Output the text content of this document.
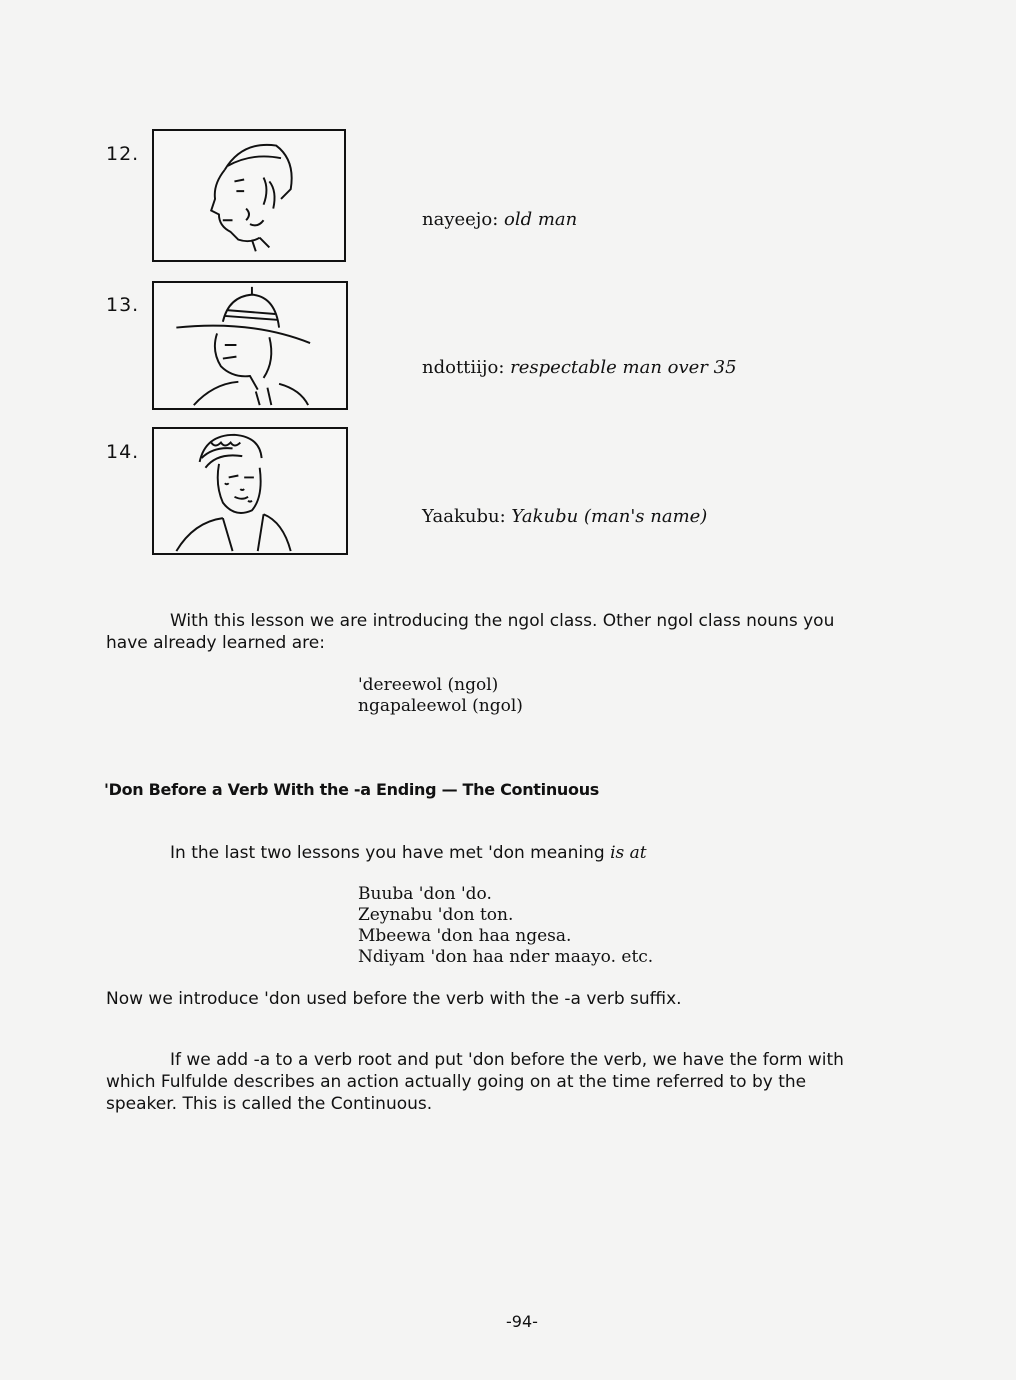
12.
nayeejo: old man
13.
ndottiijo: respectable man over 35
14.
Yaakubu: Yakubu (man's name)
With this lesson we are introducing the ngol class. Other ngol class nouns you
have already learned are:
'dereewol (ngol)
ngapaleewol (ngol)
'Don Before a Verb With the -a Ending — The Continuous
In the last two lessons you have met 'don meaning is at
Buuba 'don 'do.
Zeynabu 'don ton.
Mbeewa 'don haa ngesa.
Ndiyam 'don haa nder maayo. etc.
Now we introduce 'don used before the verb with the -a verb suffix.
If we add -a to a verb root and put 'don before the verb, we have the form with
which Fulfulde describes an action actually going on at the time referred to by the
speaker. This is called the Continuous.
-94-
